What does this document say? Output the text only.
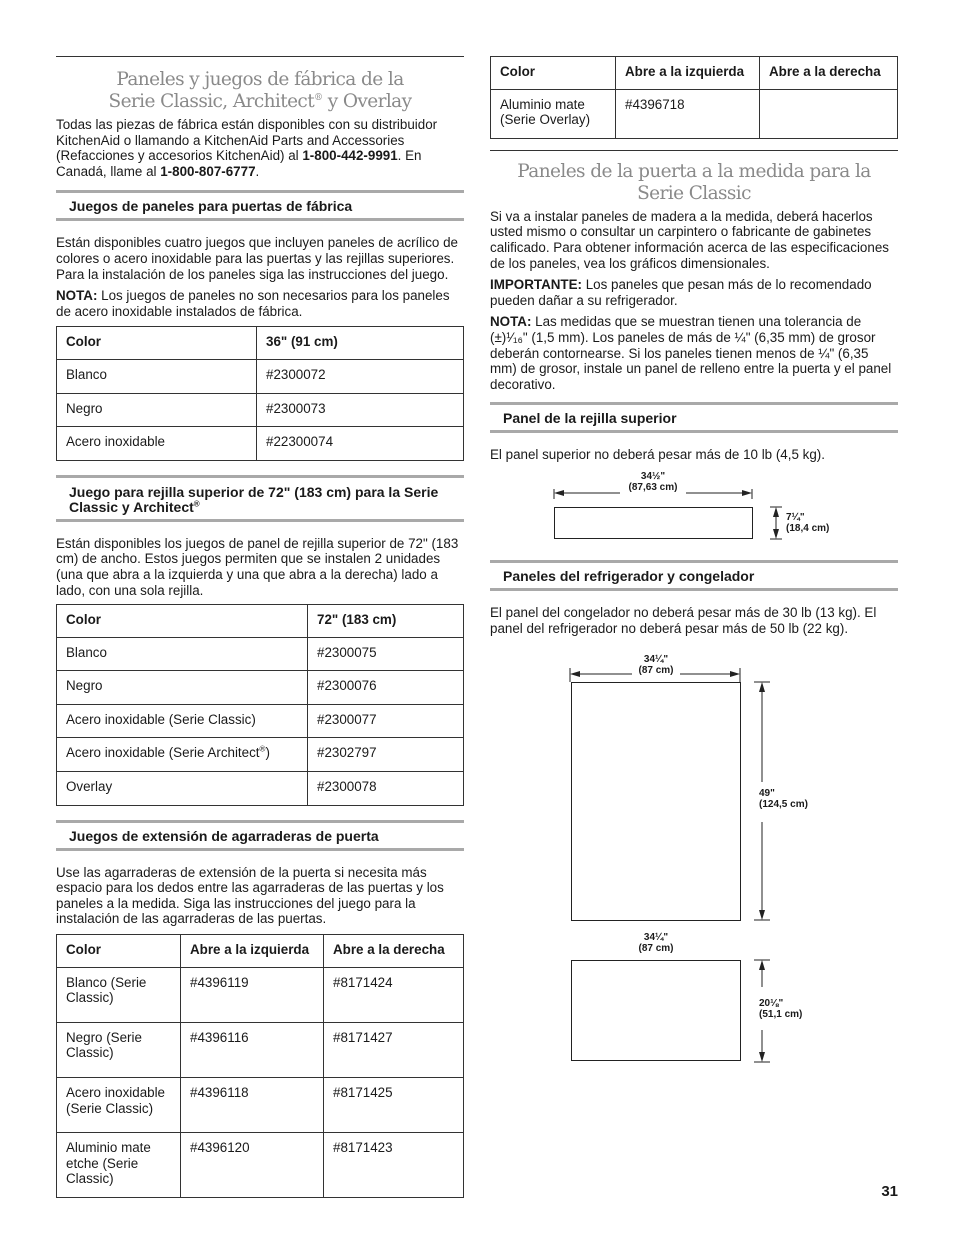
Paneles y juegos de fábrica de la
Serie Classic, Architect® y Overlay

Todas las piezas de fábrica están disponibles con su distribuidor KitchenAid o llamando a KitchenAid Parts and Accessories (Refacciones y accesorios KitchenAid) al 1-800-442-9991. En Canadá, llame al 1-800-807-6777.

Juegos de paneles para puertas de fábrica

Están disponibles cuatro juegos que incluyen paneles de acrílico de colores o acero inoxidable para las puertas y las rejillas superiores. Para la instalación de los paneles siga las instrucciones del juego.

NOTA: Los juegos de paneles no son necesarios para los paneles de acero inoxidable instalados de fábrica.

Color	36" (91 cm)
Blanco	#2300072
Negro	#2300073
Acero inoxidable	#22300074
Juego para rejilla superior de 72" (183 cm) para la Serie Classic y Architect®

Están disponibles los juegos de panel de rejilla superior de 72" (183 cm) de ancho. Estos juegos permiten que se instalen 2 unidades (una que abra a la izquierda y una que abra a la derecha) lado a lado, con una sola rejilla.

Color	72" (183 cm)
Blanco	#2300075
Negro	#2300076
Acero inoxidable (Serie Classic)	#2300077
Acero inoxidable (Serie Architect®)	#2302797
Overlay	#2300078
Juegos de extensión de agarraderas de puerta

Use las agarraderas de extensión de la puerta si necesita más espacio para los dedos entre las agarraderas de las puertas y los paneles a la medida. Siga las instrucciones del juego para la instalación de las agarraderas de las puertas.

Color	Abre a la izquierda	Abre a la derecha
Blanco (Serie Classic)	#4396119	#8171424
Negro (Serie Classic)	#4396116	#8171427
Acero inoxidable (Serie Classic)	#4396118	#8171425
Aluminio mate etche (Serie Classic)	#4396120	#8171423
Color	Abre a la izquierda	Abre a la derecha
Aluminio mate (Serie Overlay)	#4396718	
Paneles de la puerta a la medida para la
Serie Classic

Si va a instalar paneles de madera a la medida, deberá hacerlos usted mismo o consultar un carpintero o fabricante de gabinetes calificado. Para obtener información acerca de las especificaciones de los paneles, vea los gráficos dimensionales.

IMPORTANTE: Los paneles que pesan más de lo recomendado pueden dañar a su refrigerador.

NOTA: Las medidas que se muestran tienen una tolerancia de (±)¹⁄₁₆" (1,5 mm). Los paneles de más de ¼" (6,35 mm) de grosor deberán contornearse. Si los paneles tienen menos de ¼" (6,35 mm) de grosor, instale un panel de relleno entre la puerta y el panel decorativo.

Panel de la rejilla superior

El panel superior no deberá pesar más de 10 lb (4,5 kg).

34½"
(87,63 cm)
7¼"
(18,4 cm)
Paneles del refrigerador y congelador

El panel del congelador no deberá pesar más de 30 lb (13 kg). El panel del refrigerador no deberá pesar más de 50 lb (22 kg).

34¼"
(87 cm)
49"
(124,5 cm)
34¼"
(87 cm)
20⅛"
(51,1 cm)
31
